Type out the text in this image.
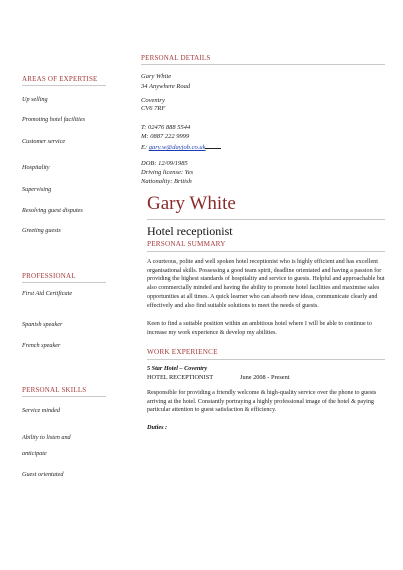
PERSONAL DETAILS
AREAS OF EXPERTISE
Up selling
Promoting hotel facilities
Customer service
Hospitality
Supervising
Resolving guest disputes
Greeting guests
PROFESSIONAL
First Aid Certificate
Spanish speaker
French speaker
PERSONAL SKILLS
Service minded
Ability to listen and
anticipate
Guest orientated
Gary White
34 Anywhere Road
Coventry
CV6 7RF
T: 02476 888 5544
M: 0887 222 9999
E: gary.w@dayjob.co.uk
DOB: 12/09/1985
Driving license: Yes
Nationality: British
Gary White
Hotel receptionist
PERSONAL SUMMARY
A courteous, polite and well spoken hotel receptionist who is highly efficient and has excellent organisational skills. Possessing a good team spirit, deadline orientated and having a passion for providing the highest standards of hospitality and service to guests. Helpful and approachable but also commercially minded and having the ability to promote hotel facilities and maximise sales opportunities at all times. A quick learner who can absorb new ideas, communicate clearly and effectively and also find suitable solutions to meet the needs of guests.
Keen to find a suitable position within an ambitious hotel where I will be able to continue to increase my work experience & develop my abilities.
WORK EXPERIENCE
5 Star Hotel – Coventry
HOTEL RECEPTIONIST	June 2008 - Present
Responsible for providing a friendly welcome & high-quality service over the phone to guests arriving at the hotel. Constantly portraying a highly professional image of the hotel & paying particular attention to guest satisfaction & efficiency.
Duties :
